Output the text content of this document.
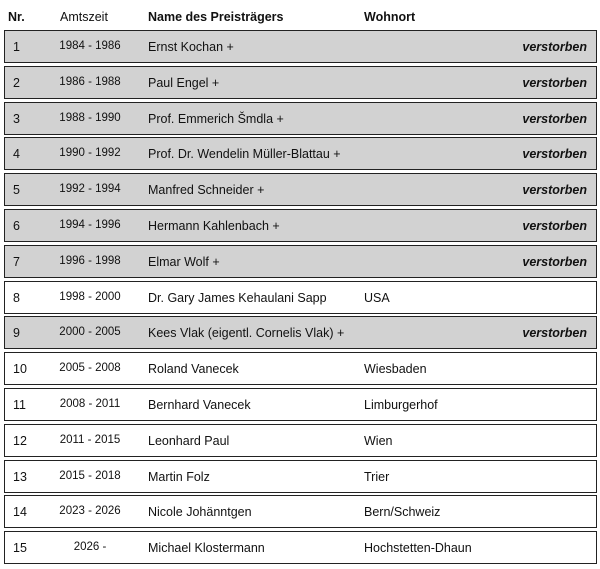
Nr.	Amtszeit	Name des Preisträgers	Wohnort
1	1984 - 1986	Ernst Kochan +	verstorben
2	1986 - 1988	Paul Engel +	verstorben
3	1988 - 1990	Prof. Emmerich Šmdla +	verstorben
4	1990 - 1992	Prof. Dr. Wendelin Müller-Blattau +	verstorben
5	1992 - 1994	Manfred Schneider +	verstorben
6	1994 - 1996	Hermann Kahlenbach +	verstorben
7	1996 - 1998	Elmar Wolf +	verstorben
8	1998 - 2000	Dr. Gary James Kehaulani Sapp	USA
9	2000 - 2005	Kees Vlak (eigentl. Cornelis Vlak) +	verstorben
10	2005 - 2008	Roland Vanecek	Wiesbaden
11	2008 - 2011	Bernhard Vanecek	Limburgerhof
12	2011 - 2015	Leonhard Paul	Wien
13	2015 - 2018	Martin Folz	Trier
14	2023 - 2026	Nicole Johänntgen	Bern/Schweiz
15	2026 -	Michael Klostermann	Hochstetten-Dhaun
